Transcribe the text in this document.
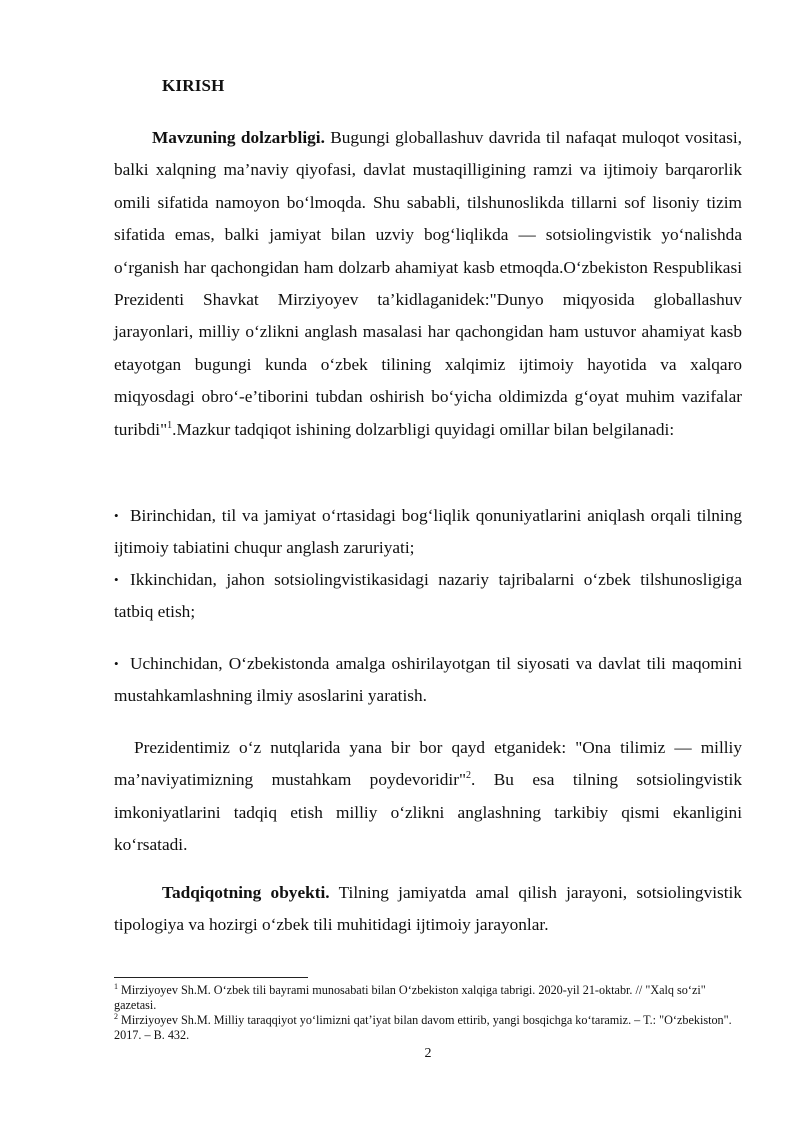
KIRISH

Mavzuning dolzarbligi. Bugungi globallashuv davrida til nafaqat muloqot vositasi, balki xalqning ma’naviy qiyofasi, davlat mustaqilligining ramzi va ijtimoiy barqarorlik omili sifatida namoyon bo‘lmoqda. Shu sababli, tilshunoslikda tillarni sof lisoniy tizim sifatida emas, balki jamiyat bilan uzviy bog‘liqlikda — sotsiolingvistik yo‘nalishda o‘rganish har qachongidan ham dolzarb ahamiyat kasb etmoqda.O‘zbekiston Respublikasi Prezidenti Shavkat Mirziyoyev ta’kidlaganidek:"Dunyo miqyosida globallashuv jarayonlari, milliy o‘zlikni anglash masalasi har qachongidan ham ustuvor ahamiyat kasb etayotgan bugungi kunda o‘zbek tilining xalqimiz ijtimoiy hayotida va xalqaro miqyosdagi obro‘-e’tiborini tubdan oshirish bo‘yicha oldimizda g‘oyat muhim vazifalar turibdi"$^1$.Mazkur tadqiqot ishining dolzarbligi quyidagi omillar bilan belgilanadi:

• Birinchidan, til va jamiyat o‘rtasidagi bog‘liqlik qonuniyatlarini aniqlash orqali tilning ijtimoiy tabiatini chuqur anglash zaruriyati;

• Ikkinchidan, jahon sotsiolingvistikasidagi nazariy tajribalarni o‘zbek tilshunosligiga tatbiq etish;

• Uchinchidan, O‘zbekistonda amalga oshirilayotgan til siyosati va davlat tili maqomini mustahkamlashning ilmiy asoslarini yaratish.

Prezidentimiz o‘z nutqlarida yana bir bor qayd etganidek: "Ona tilimiz — milliy ma’naviyatimizning mustahkam poydevoridir"$^2$. Bu esa tilning sotsiolingvistik imkoniyatlarini tadqiq etish milliy o‘zlikni anglashning tarkibiy qismi ekanligini ko‘rsatadi.

Tadqiqotning obyekti. Tilning jamiyatda amal qilish jarayoni, sotsiolingvistik tipologiya va hozirgi o‘zbek tili muhitidagi ijtimoiy jarayonlar.

$^1$ Mirziyoyev Sh.M. O‘zbek tili bayrami munosabati bilan O‘zbekiston xalqiga tabrigi. 2020-yil 21-oktabr. // "Xalq so‘zi" gazetasi.

$^2$ Mirziyoyev Sh.M. Milliy taraqqiyot yo‘limizni qat’iyat bilan davom ettirib, yangi bosqichga ko‘taramiz. – T.: "O‘zbekiston". 2017. – B. 432.

2
